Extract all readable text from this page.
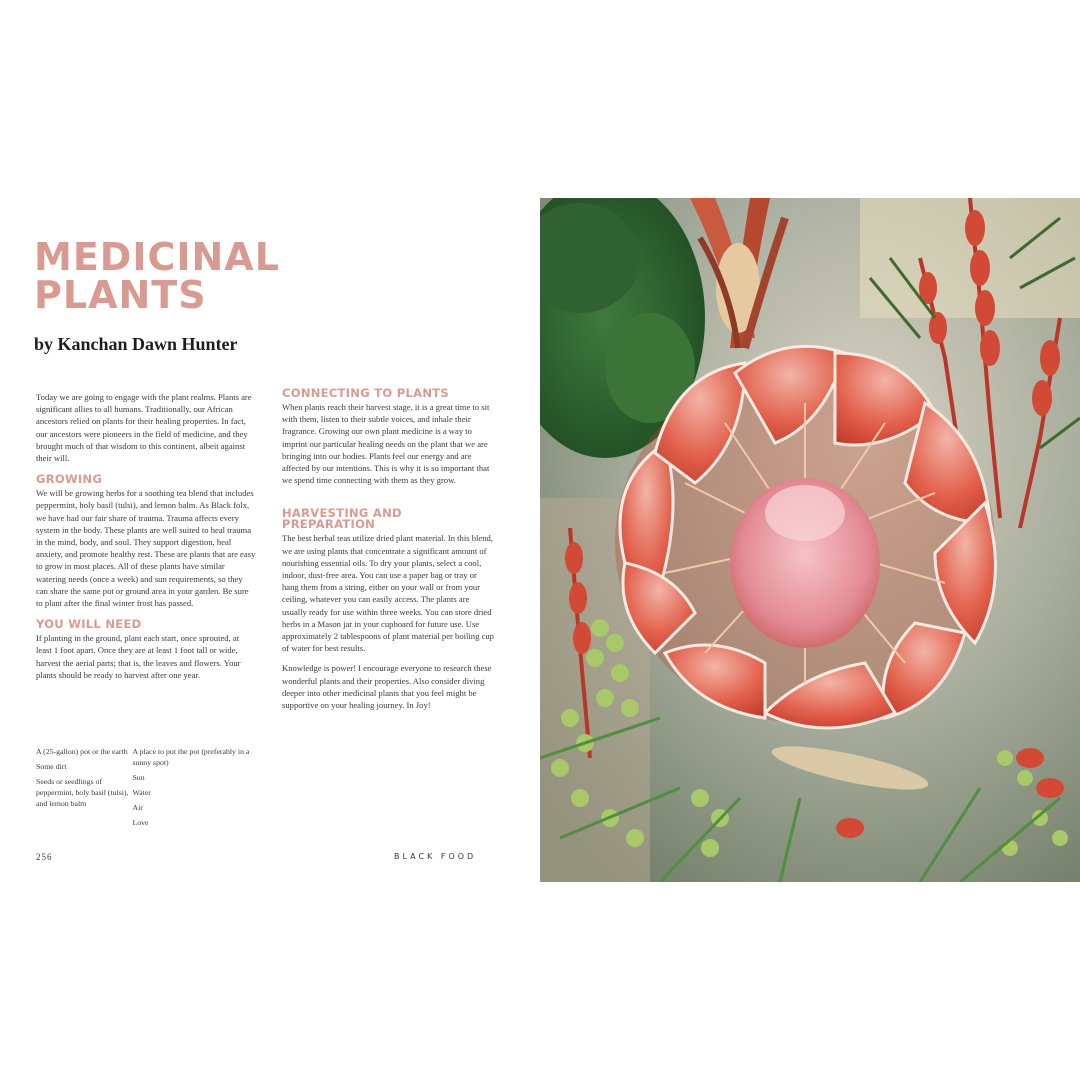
MEDICINAL
PLANTS

by Kanchan Dawn Hunter

Today we are going to engage with the plant realms. Plants are significant allies to all humans. Traditionally, our African ancestors relied on plants for their healing properties. In fact, our ancestors were pioneers in the field of medicine, and they brought much of that wisdom to this continent, albeit against their will.

GROWING

We will be growing herbs for a soothing tea blend that includes peppermint, holy basil (tulsi), and lemon balm. As Black folx, we have had our fair share of trauma. Trauma affects every system in the body. These plants are well suited to heal trauma in the mind, body, and soul. They support digestion, heal anxiety, and promote healthy rest. These are plants that are easy to grow in most places. All of these plants have similar watering needs (once a week) and sun requirements, so they can share the same pot or ground area in your garden. Be sure to plant after the final winter frost has passed.

YOU WILL NEED

If planting in the ground, plant each start, once sprouted, at least 1 foot apart. Once they are at least 1 foot tall or wide, harvest the aerial parts; that is, the leaves and flowers. Your plants should be ready to harvest after one year.

A (25-gallon) pot or the earth
Some dirt
Seeds or seedlings of peppermint, holy basil (tulsi), and lemon balm
A place to put the pot (preferably in a sunny spot)
Sun
Water
Air
Love
CONNECTING TO PLANTS

When plants reach their harvest stage, it is a great time to sit with them, listen to their subtle voices, and inhale their fragrance. Growing our own plant medicine is a way to imprint our particular healing needs on the plant that we are bringing into our bodies. Plants feel our energy and are affected by our intentions. This is why it is so important that we spend time connecting with them as they grow.

HARVESTING AND PREPARATION

The best herbal teas utilize dried plant material. In this blend, we are using plants that concentrate a significant amount of nourishing essential oils. To dry your plants, select a cool, indoor, dust-free area. You can use a paper bag or tray or hang them from a string, either on your wall or from your ceiling, whatever you can easily access. The plants are usually ready for use within three weeks. You can store dried herbs in a Mason jar in your cupboard for future use. Use approximately 2 tablespoons of plant material per boiling cup of water for best results.

Knowledge is power! I encourage everyone to research these wonderful plants and their properties. Also consider diving deeper into other medicinal plants that you feel might be supportive on your healing journey. In Joy!

256	BLACK FOOD
